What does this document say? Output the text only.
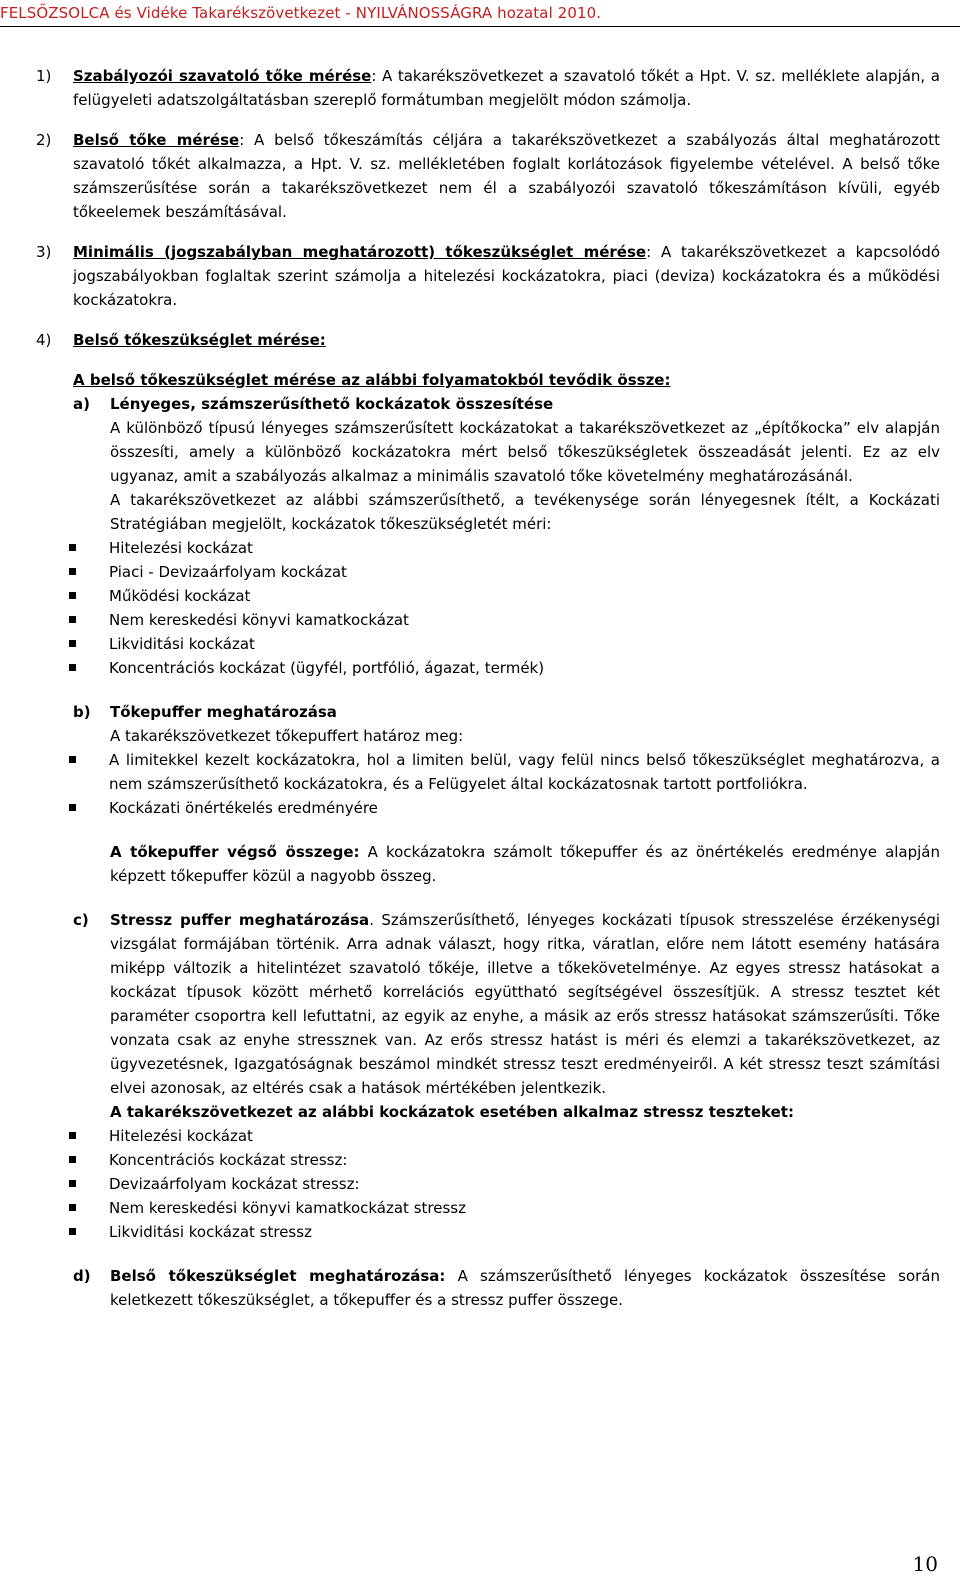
FELSŐZSOLCA és Vidéke Takarékszövetkezet - NYILVÁNOSSÁGRA hozatal 2010.
1) Szabályozói szavatoló tőke mérése: A takarékszövetkezet a szavatoló tőkét a Hpt. V. sz. melléklete alapján, a felügyeleti adatszolgáltatásban szereplő formátumban megjelölt módon számolja.

2) Belső tőke mérése: A belső tőkeszámítás céljára a takarékszövetkezet a szabályozás által meghatározott szavatoló tőkét alkalmazza, a Hpt. V. sz. mellékletében foglalt korlátozások figyelembe vételével. A belső tőke számszerűsítése során a takarékszövetkezet nem él a szabályozói szavatoló tőkeszámításon kívüli, egyéb tőkeelemek beszámításával.

3) Minimális (jogszabályban meghatározott) tőkeszükséglet mérése: A takarékszövetkezet a kapcsolódó jogszabályokban foglaltak szerint számolja a hitelezési kockázatokra, piaci (deviza) kockázatokra és a működési kockázatokra.

4) Belső tőkeszükséglet mérése:

A belső tőkeszükséglet mérése az alábbi folyamatokból tevődik össze:

a) Lényeges, számszerűsíthető kockázatok összesítése

A különböző típusú lényeges számszerűsített kockázatokat a takarékszövetkezet az „építőkocka” elv alapján összesíti, amely a különböző kockázatokra mért belső tőkeszükségletek összeadását jelenti. Ez az elv ugyanaz, amit a szabályozás alkalmaz a minimális szavatoló tőke követelmény meghatározásánál.

A takarékszövetkezet az alábbi számszerűsíthető, a tevékenysége során lényegesnek ítélt, a Kockázati Stratégiában megjelölt, kockázatok tőkeszükségletét méri:

Hitelezési kockázat
Piaci - Devizaárfolyam kockázat
Működési kockázat
Nem kereskedési könyvi kamatkockázat
Likviditási kockázat
Koncentrációs kockázat (ügyfél, portfólió, ágazat, termék)
b) Tőkepuffer meghatározása

A takarékszövetkezet tőkepuffert határoz meg:

A limitekkel kezelt kockázatokra, hol a limiten belül, vagy felül nincs belső tőkeszükséglet meghatározva, a nem számszerűsíthető kockázatokra, és a Felügyelet által kockázatosnak tartott portfoliókra.
Kockázati önértékelés eredményére

A tőkepuffer végső összege: A kockázatokra számolt tőkepuffer és az önértékelés eredménye alapján képzett tőkepuffer közül a nagyobb összeg.

c) Stressz puffer meghatározása. Számszerűsíthető, lényeges kockázati típusok stresszelése érzékenységi vizsgálat formájában történik. Arra adnak választ, hogy ritka, váratlan, előre nem látott esemény hatására miképp változik a hitelintézet szavatoló tőkéje, illetve a tőkekövetelménye. Az egyes stressz hatásokat a kockázat típusok között mérhető korrelációs együttható segítségével összesítjük. A stressz tesztet két paraméter csoportra kell lefuttatni, az egyik az enyhe, a másik az erős stressz hatásokat számszerűsíti. Tőke vonzata csak az enyhe stressznek van. Az erős stressz hatást is méri és elemzi a takarékszövetkezet, az ügyvezetésnek, Igazgatóságnak beszámol mindkét stressz teszt eredményeiről. A két stressz teszt számítási elvei azonosak, az eltérés csak a hatások mértékében jelentkezik.

A takarékszövetkezet az alábbi kockázatok esetében alkalmaz stressz teszteket:

Hitelezési kockázat
Koncentrációs kockázat stressz:
Devizaárfolyam kockázat stressz:
Nem kereskedési könyvi kamatkockázat stressz
Likviditási kockázat stressz
d) Belső tőkeszükséglet meghatározása: A számszerűsíthető lényeges kockázatok összesítése során keletkezett tőkeszükséglet, a tőkepuffer és a stressz puffer összege.

10
